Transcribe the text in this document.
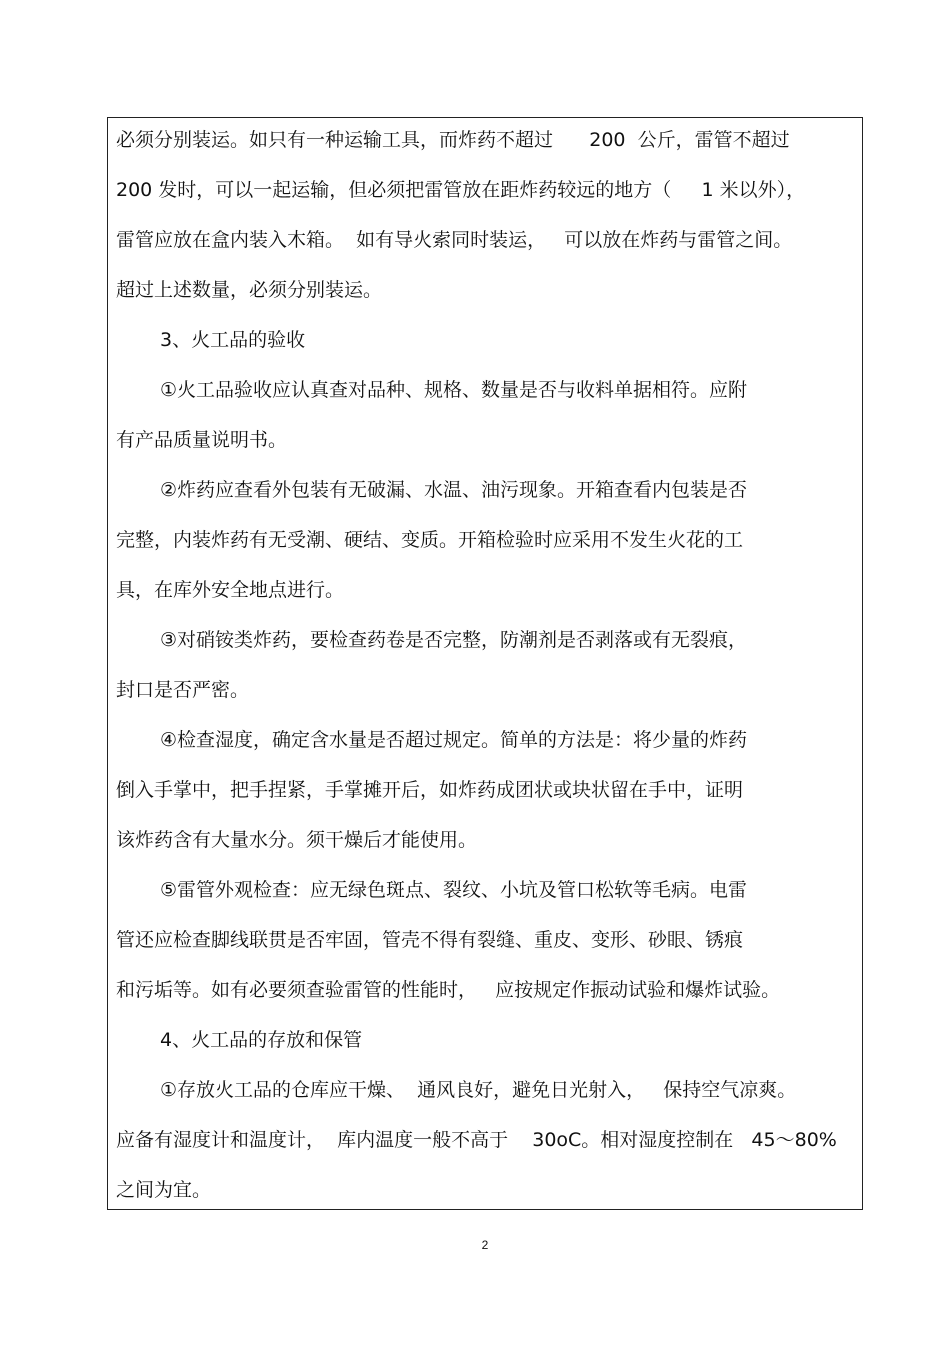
必须分别装运。如只有一种运输工具，而炸药不超过      200  公斤，雷管不超过
200 发时，可以一起运输，但必须把雷管放在距炸药较远的地方（     1 米以外），
雷管应放在盒内装入木箱。  如有导火索同时装运，   可以放在炸药与雷管之间。
超过上述数量，必须分别装运。
3、火工品的验收
①火工品验收应认真查对品种、规格、数量是否与收料单据相符。应附
有产品质量说明书。
②炸药应查看外包装有无破漏、水温、油污现象。开箱查看内包装是否
完整，内装炸药有无受潮、硬结、变质。开箱检验时应采用不发生火花的工
具，在库外安全地点进行。
③对硝铵类炸药，要检查药卷是否完整，防潮剂是否剥落或有无裂痕，
封口是否严密。
④检查湿度，确定含水量是否超过规定。简单的方法是：将少量的炸药
倒入手掌中，把手捏紧，手掌摊开后，如炸药成团状或块状留在手中，证明
该炸药含有大量水分。须干燥后才能使用。
⑤雷管外观检查：应无绿色斑点、裂纹、小坑及管口松软等毛病。电雷
管还应检查脚线联贯是否牢固，管壳不得有裂缝、重皮、变形、砂眼、锈痕
和污垢等。如有必要须查验雷管的性能时，   应按规定作振动试验和爆炸试验。
4、火工品的存放和保管
①存放火工品的仓库应干燥、  通风良好，避免日光射入，   保持空气凉爽。
应备有湿度计和温度计，  库内温度一般不高于    30oC。相对湿度控制在   45～80%
之间为宜。
2
